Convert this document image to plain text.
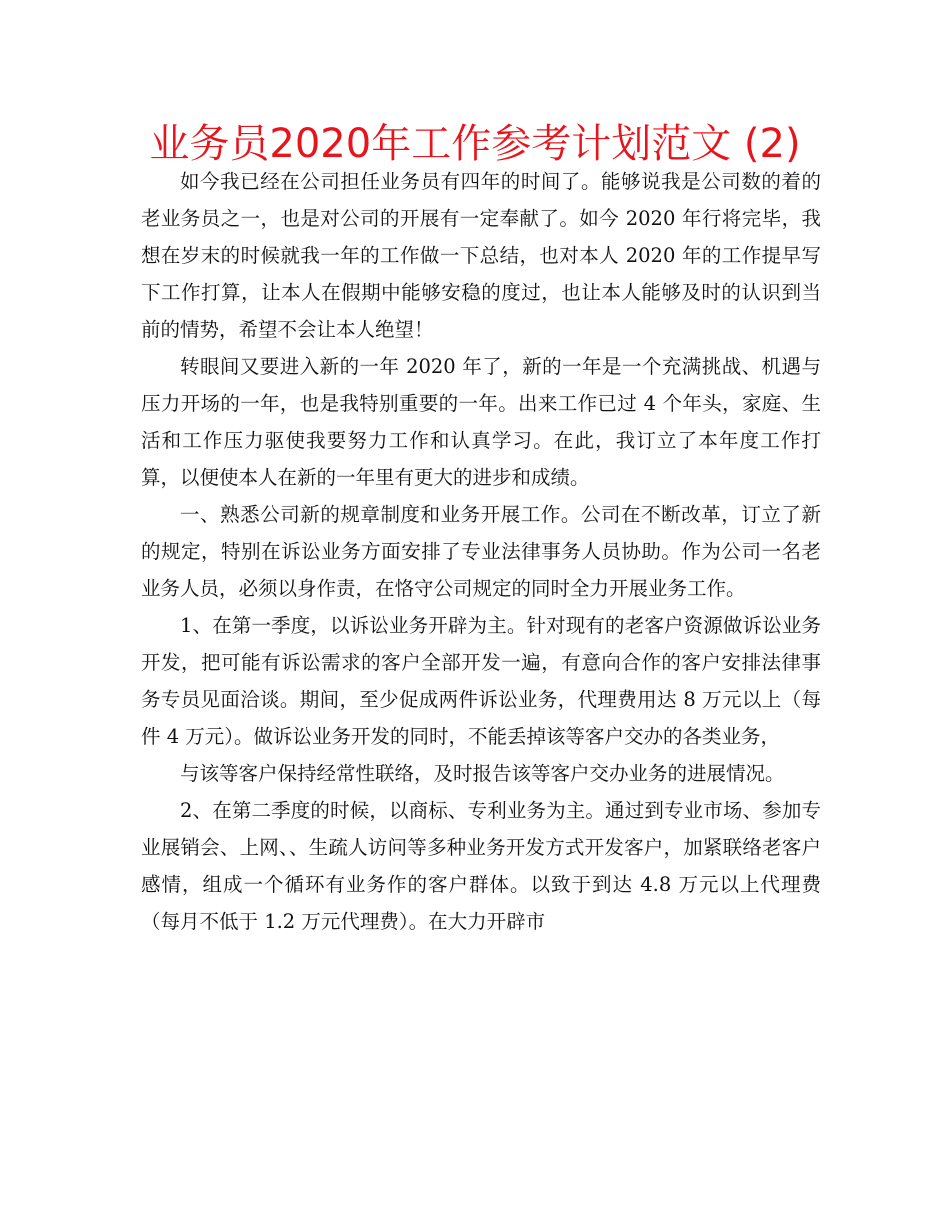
业务员2020年工作参考计划范文 (2)

如今我已经在公司担任业务员有四年的时间了。能够说我是公司数的着的老业务员之一，也是对公司的开展有一定奉献了。如今 2020 年行将完毕，我想在岁末的时候就我一年的工作做一下总结，也对本人 2020 年的工作提早写下工作打算，让本人在假期中能够安稳的度过，也让本人能够及时的认识到当前的情势，希望不会让本人绝望！

转眼间又要进入新的一年 2020 年了，新的一年是一个充满挑战、机遇与压力开场的一年，也是我特别重要的一年。出来工作已过 4 个年头，家庭、生活和工作压力驱使我要努力工作和认真学习。在此，我订立了本年度工作打算，以便使本人在新的一年里有更大的进步和成绩。

一、熟悉公司新的规章制度和业务开展工作。公司在不断改革，订立了新的规定，特别在诉讼业务方面安排了专业法律事务人员协助。作为公司一名老业务人员，必须以身作责，在恪守公司规定的同时全力开展业务工作。

1、在第一季度，以诉讼业务开辟为主。针对现有的老客户资源做诉讼业务开发，把可能有诉讼需求的客户全部开发一遍，有意向合作的客户安排法律事务专员见面洽谈。期间，至少促成两件诉讼业务，代理费用达 8 万元以上（每件 4 万元）。做诉讼业务开发的同时，不能丢掉该等客户交办的各类业务，

与该等客户保持经常性联络，及时报告该等客户交办业务的进展情况。

2、在第二季度的时候，以商标、专利业务为主。通过到专业市场、参加专业展销会、上网、、生疏人访问等多种业务开发方式开发客户，加紧联络老客户感情，组成一个循环有业务作的客户群体。以致于到达 4.8 万元以上代理费（每月不低于 1.2 万元代理费）。在大力开辟市
